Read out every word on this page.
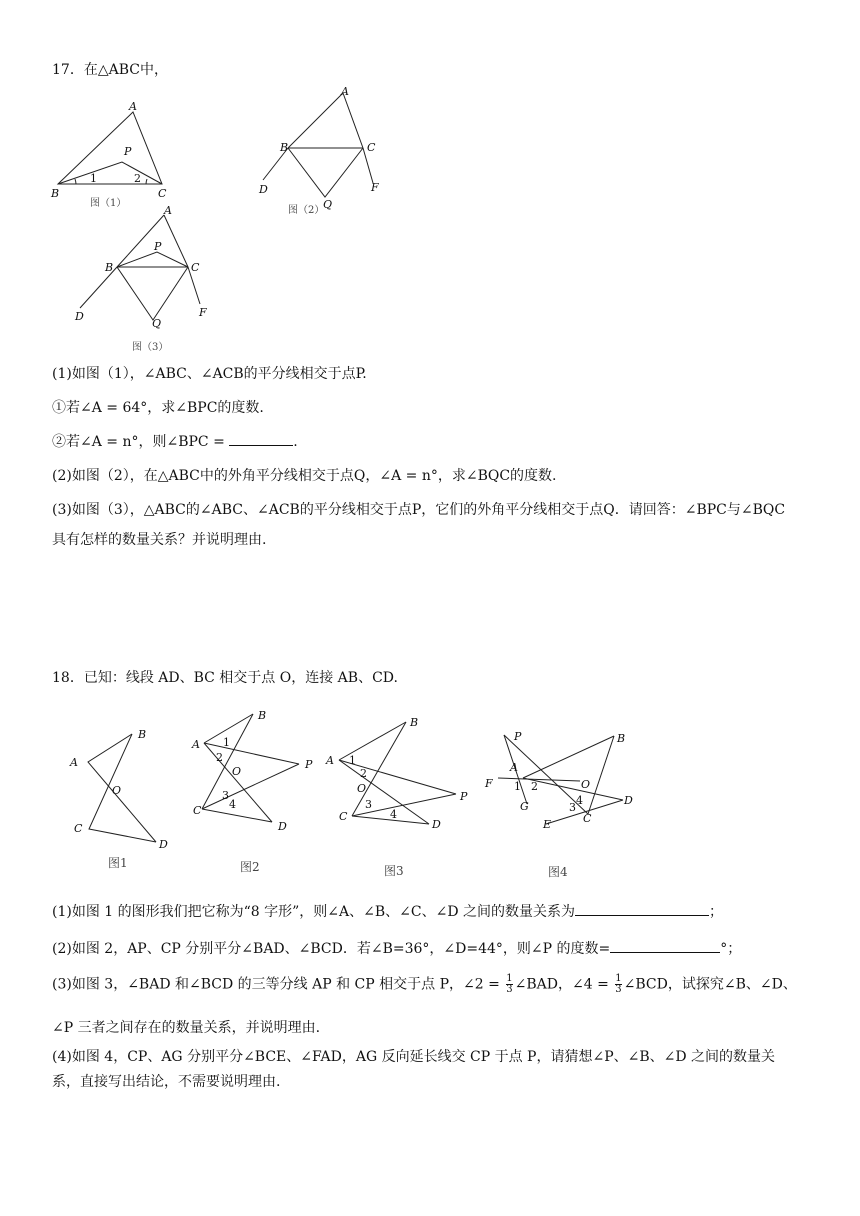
17．在△ABC中，
A
B	C
P
1	2
图（1）
A
B	C
D	F
Q
图（2）
A
B	C
P
D	F
Q
图（3）
(1)如图（1），∠ABC、∠ACB的平分线相交于点P.
①若∠A = 64°，求∠BPC的度数.
②若∠A = n°，则∠BPC =	.
(2)如图（2），在△ABC中的外角平分线相交于点Q，∠A = n°，求∠BQC的度数.
(3)如图（3），△ABC的∠ABC、∠ACB的平分线相交于点P，它们的外角平分线相交于点Q．请回答：∠BPC与∠BQC
具有怎样的数量关系？并说明理由.
18．已知：线段 AD、BC 相交于点 O，连接 AB、CD.
B
A
O
C
D
图1
B
A 1
2
O
P
3
4
C
D
图2
B
A 1
2
O
P
3
4
C
D
图3
P	B
A
F 1 2	O
G	4
3
C
D
E
图4
(1)如图 1 的图形我们把它称为“8 字形”，则∠A、∠B、∠C、∠D 之间的数量关系为	；
(2)如图 2，AP、CP 分别平分∠BAD、∠BCD．若∠B=36°，∠D=44°，则∠P 的度数=	°；
(3)如图 3，∠BAD 和∠BCD 的三等分线 AP 和 CP 相交于点 P，∠2 = $\frac{1}{3}$ ∠BAD，∠4 = $\frac{1}{3}$ ∠BCD，试探究∠B、∠D、
∠P 三者之间存在的数量关系，并说明理由.
(4)如图 4，CP、AG 分别平分∠BCE、∠FAD，AG 反向延长线交 CP 于点 P，请猜想∠P、∠B、∠D 之间的数量关
系，直接写出结论，不需要说明理由.
